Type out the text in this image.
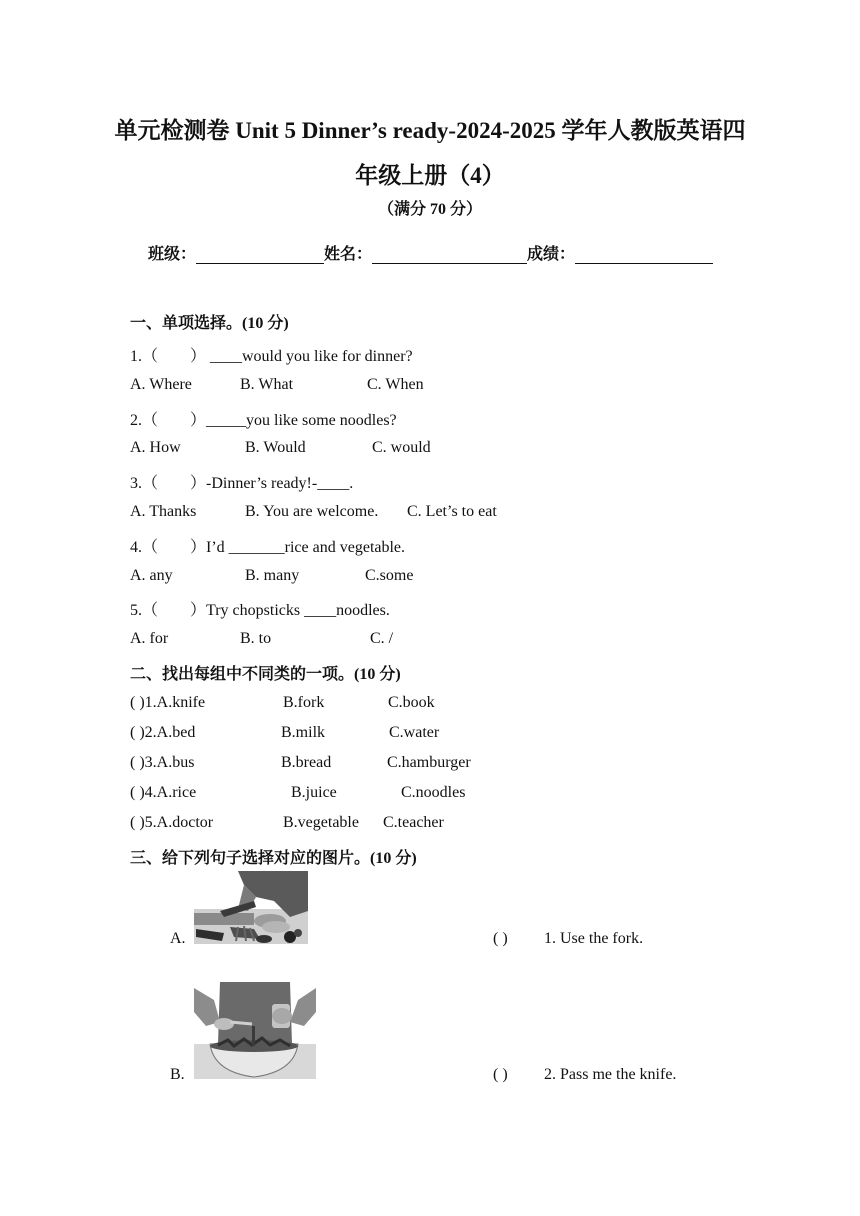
单元检测卷 Unit 5 Dinner’s ready-2024-2025 学年人教版英语四
年级上册（4）
（满分 70 分）
班级：	姓名：	成绩：
一、单项选择。(10 分)
1.（　　） ____would you like for dinner?
A. Where	B. What	C. When
2.（　　）_____you like some noodles?
A. How	B. Would	C. would
3.（　　）-Dinner’s ready!-____.
A. Thanks	B. You are welcome. C. Let’s to eat
4.（　　）I’d _______rice and vegetable.
A. any	B. many	C.some
5.（　　）Try chopsticks ____noodles.
A. for	B. to	C. /
二、找出每组中不同类的一项。(10 分)
( )1.A.knife	B.fork	C.book
( )2.A.bed	B.milk	C.water
( )3.A.bus	B.bread	C.hamburger
( )4.A.rice	B.juice	C.noodles
( )5.A.doctor	B.vegetable C.teacher
三、给下列句子选择对应的图片。(10 分)
A.	( ) 1. Use the fork.
B.	( ) 2. Pass me the knife.
